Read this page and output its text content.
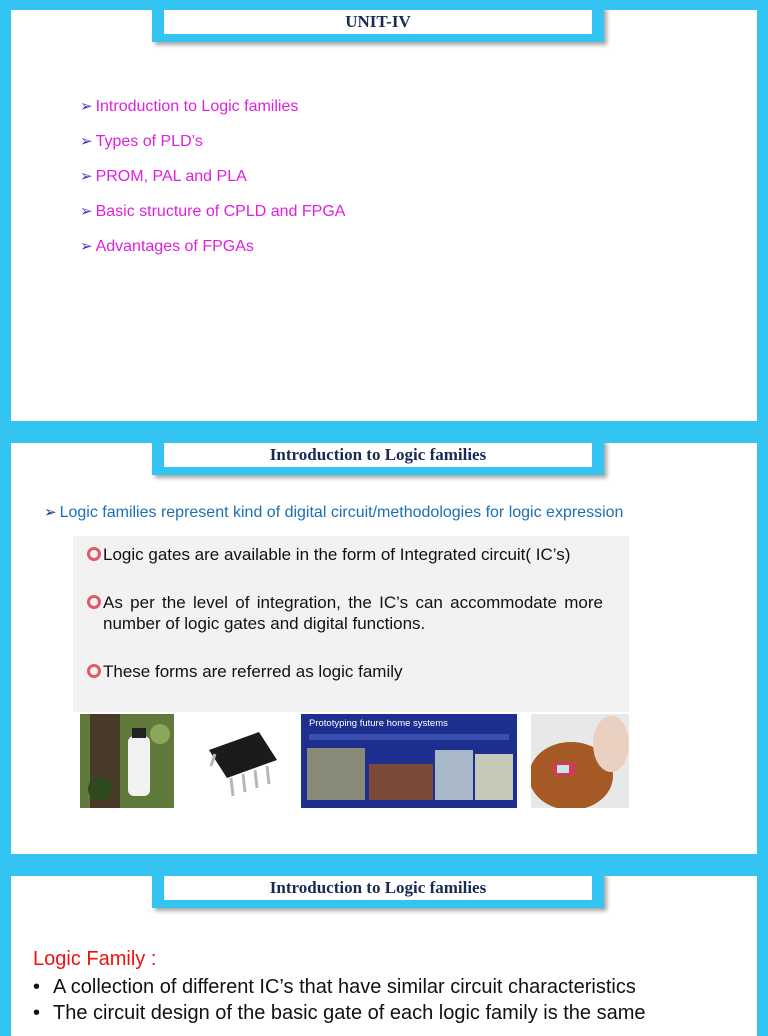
UNIT-IV
➢ Introduction to Logic families
➢ Types of PLD’s
➢ PROM, PAL and PLA
➢ Basic structure of CPLD and FPGA
➢ Advantages of FPGAs
Introduction to Logic families
➢ Logic families represent kind of digital circuit/methodologies for logic expression
Logic gates are available in the form of Integrated circuit( IC’s)
As per the level of integration, the IC’s can accommodate more number of logic gates and digital functions.
These forms are referred as logic family
Prototyping future home systems
Introduction to Logic families
Logic Family :
• A collection of different IC’s that have similar circuit characteristics
• The circuit design of the basic gate of each logic family is the same
